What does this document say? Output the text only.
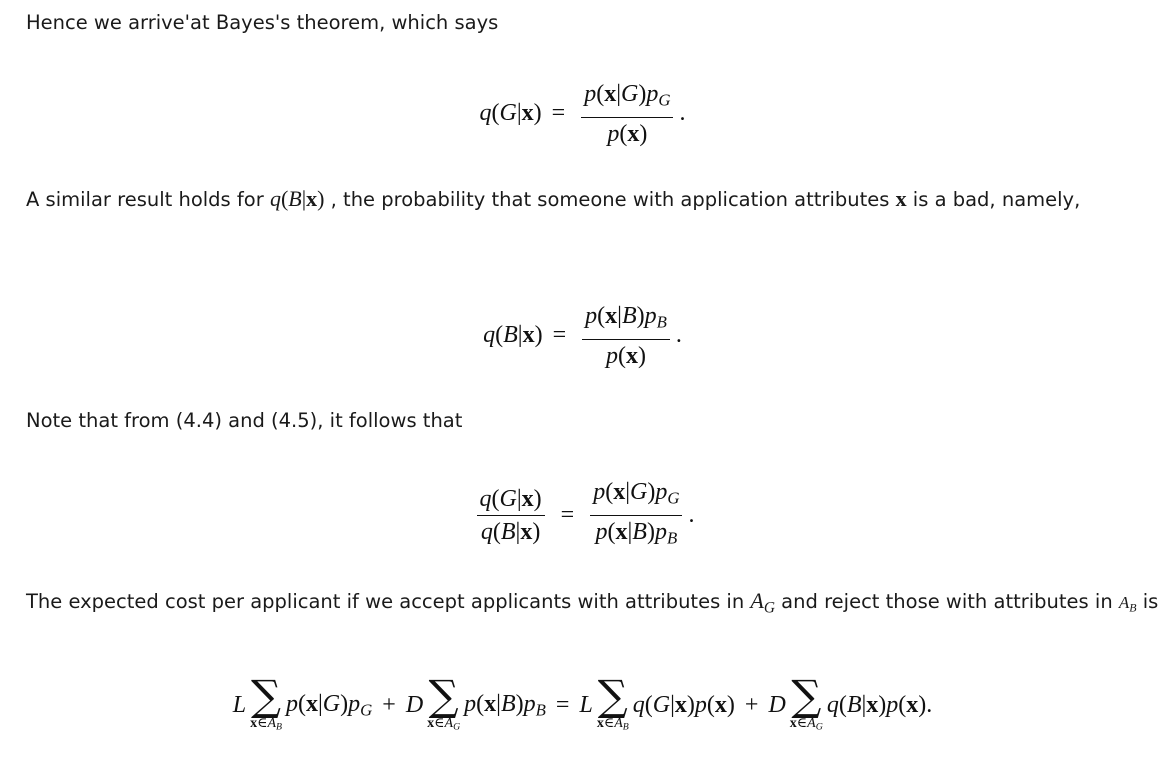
Hence we arrive'at Bayes's theorem, which says
$q(G|x) = \frac{p(x|G)p_G}{p(x)}$ .
A similar result holds for q(B|x) , the probability that someone with application attributes x is a bad, namely,
$q(B|x) = \frac{p(x|B)p_B}{p(x)}$ .
Note that from (4.4) and (4.5), it follows that
$\frac{q(G|x)}{q(B|x)} = \frac{p(x|G)p_G}{p(x|B)p_B}$ .
The expected cost per applicant if we accept applicants with attributes in $A_G$ and reject those with attributes in $A_B$ is
L ∑
$x\in A_B$
$p(x|G)p_G + D$ ∑
$x\in A_G$
$p(x|B)p_B = L$ ∑
$x\in A_B$
q(G|x)p(x) + D ∑
$x\in A_G$
q(B|x)p(x).
